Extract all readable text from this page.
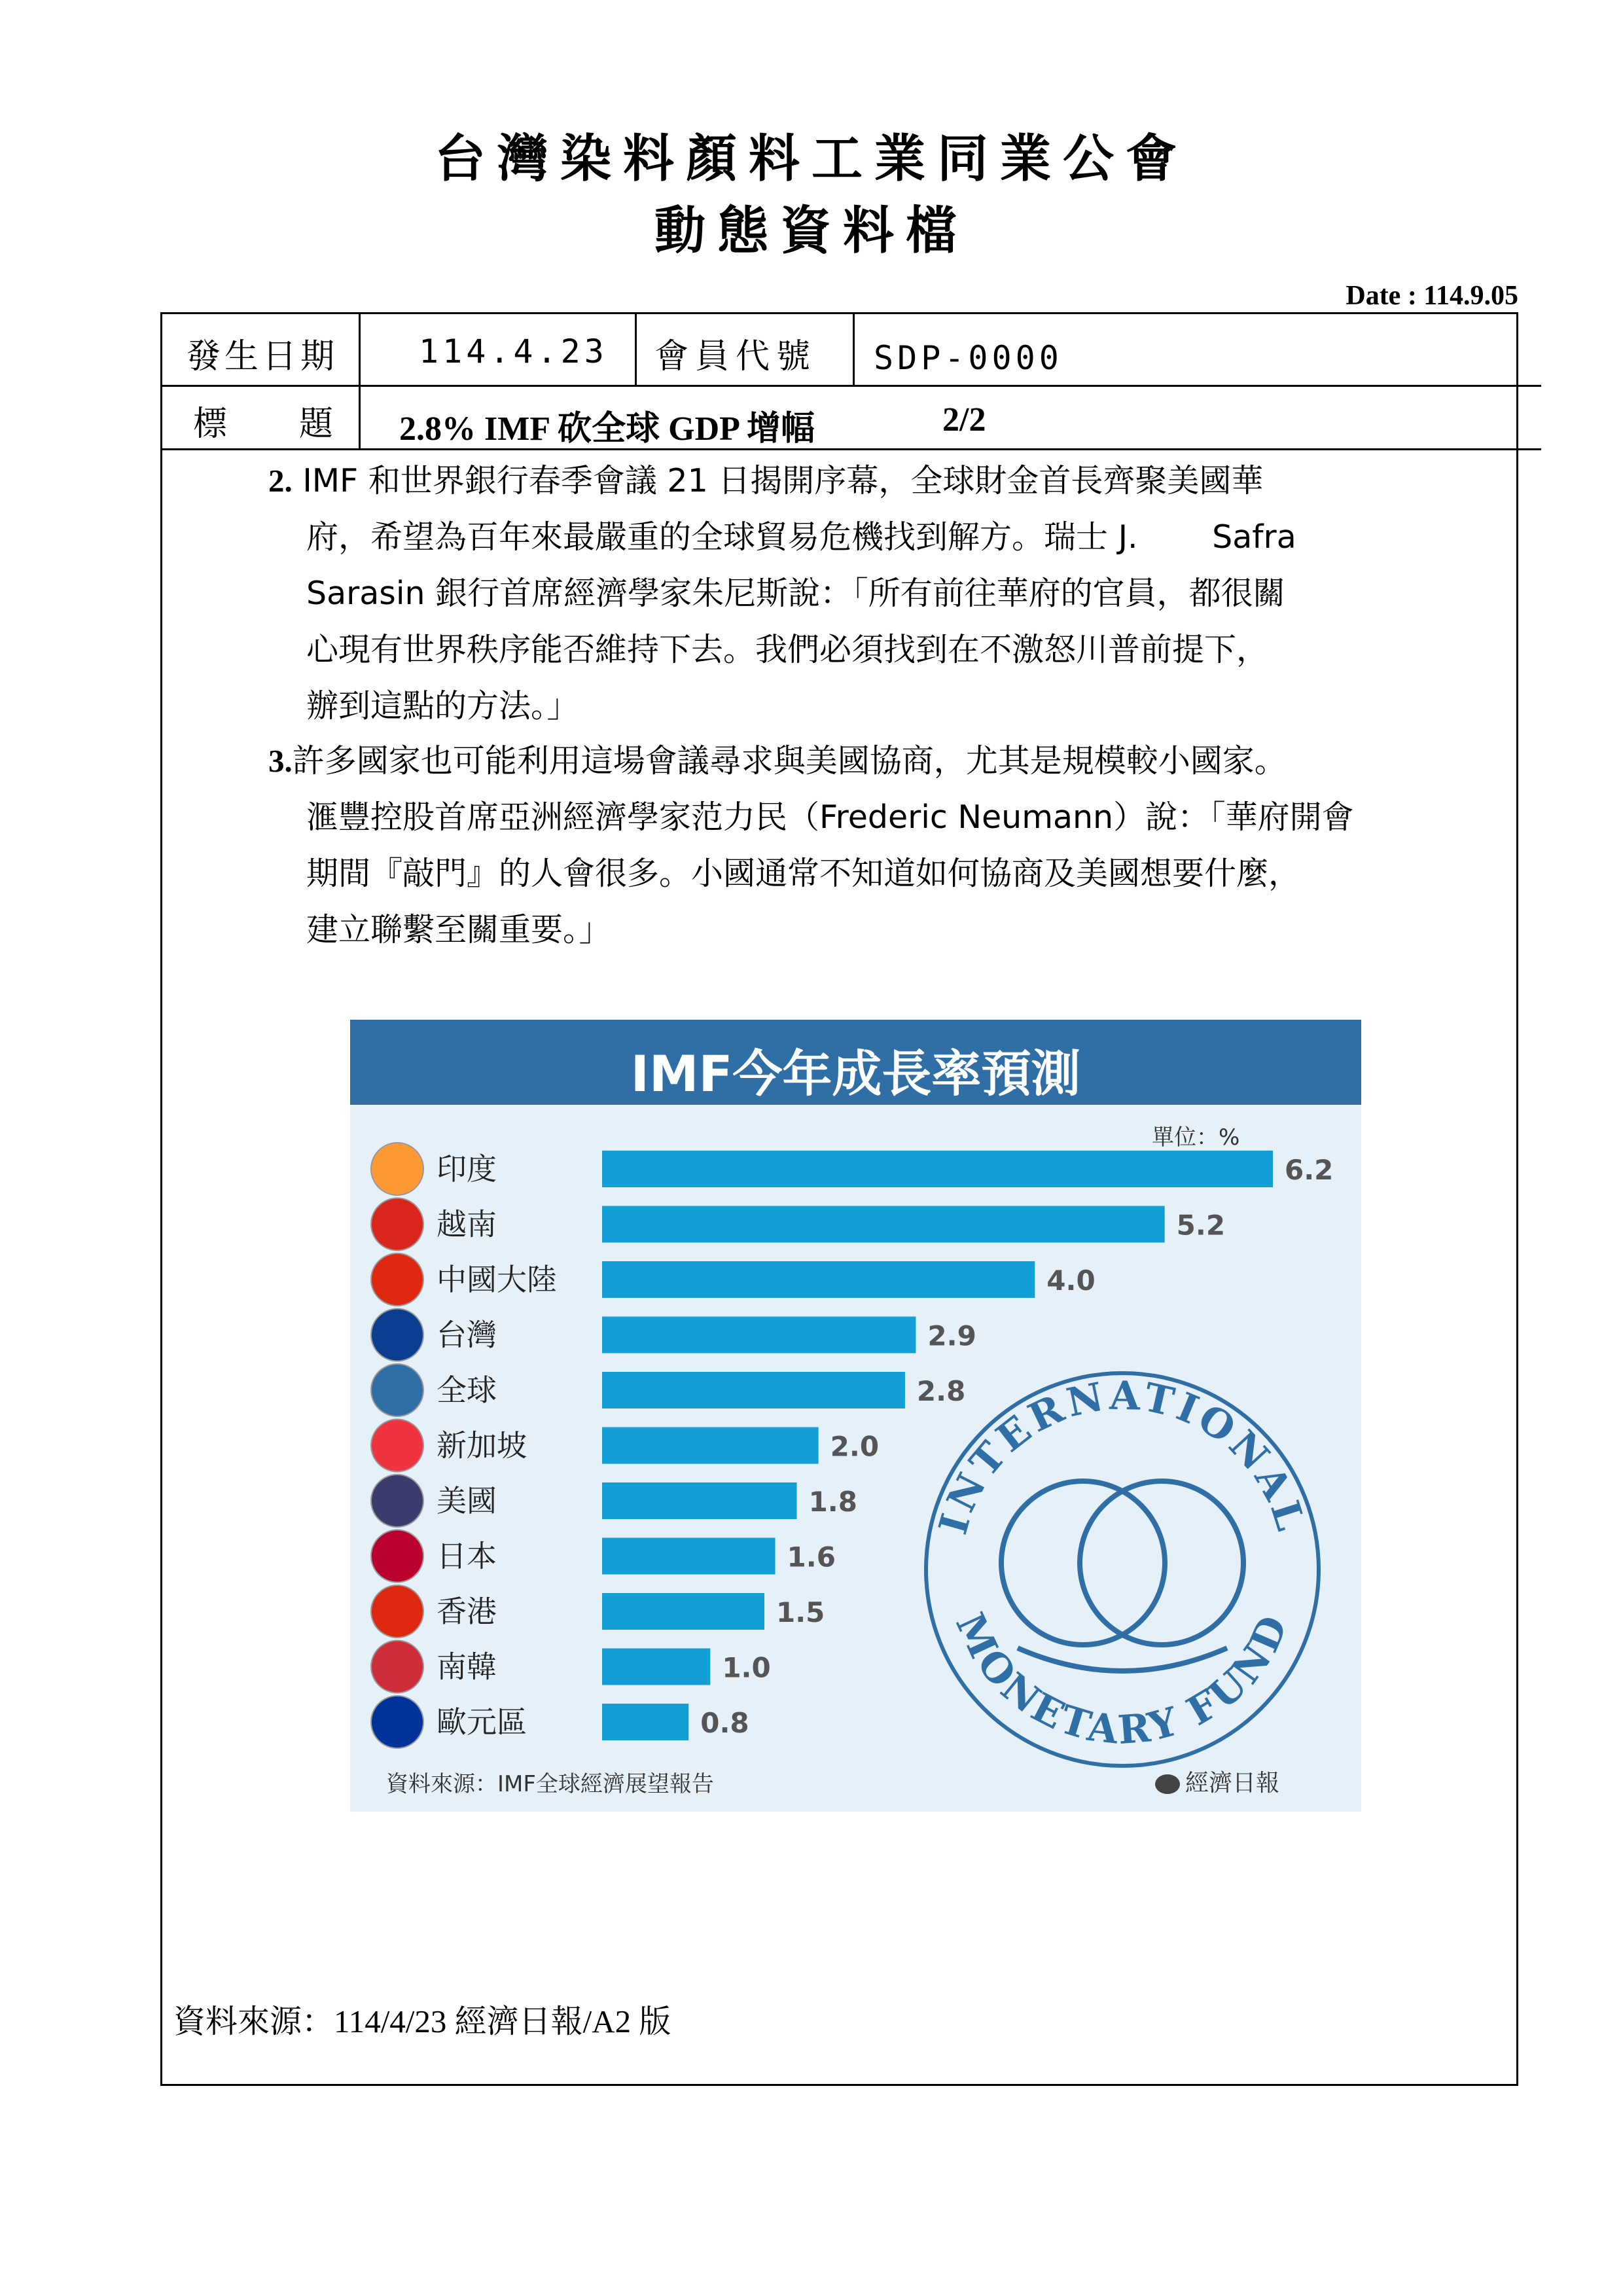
台灣染料顏料工業同業公會
動態資料檔
Date : 114.9.05
發生日期 114.4.23 會員代號 SDP-0000
標題
2.8% IMF 砍全球 GDP 增幅	2/2
2. IMF 和世界銀行春季會議 21 日揭開序幕，全球財金首長齊聚美國華
府，希望為百年來最嚴重的全球貿易危機找到解方。瑞士 J.　　 Safra
Sarasin 銀行首席經濟學家朱尼斯說：「所有前往華府的官員，都很關
心現有世界秩序能否維持下去。我們必須找到在不激怒川普前提下，
辦到這點的方法。」
3.許多國家也可能利用這場會議尋求與美國協商，尤其是規模較小國家。
滙豐控股首席亞洲經濟學家范力民（Frederic Neumann）說：「華府開會
期間『敲門』的人會很多。小國通常不知道如何協商及美國想要什麼，
建立聯繫至關重要。」
IMF今年成長率預測
單位：%
INTERNATIONAL
MONETARY FUND
印度	6.2
越南	5.2
中國大陸	4.0
台灣	2.9
全球	2.8
新加坡	2.0
美國	1.8
日本	1.6
香港	1.5
南韓	1.0
歐元區	0.8
資料來源：IMF全球經濟展望報告	經濟日報
資料來源：114/4/23 經濟日報/A2 版
